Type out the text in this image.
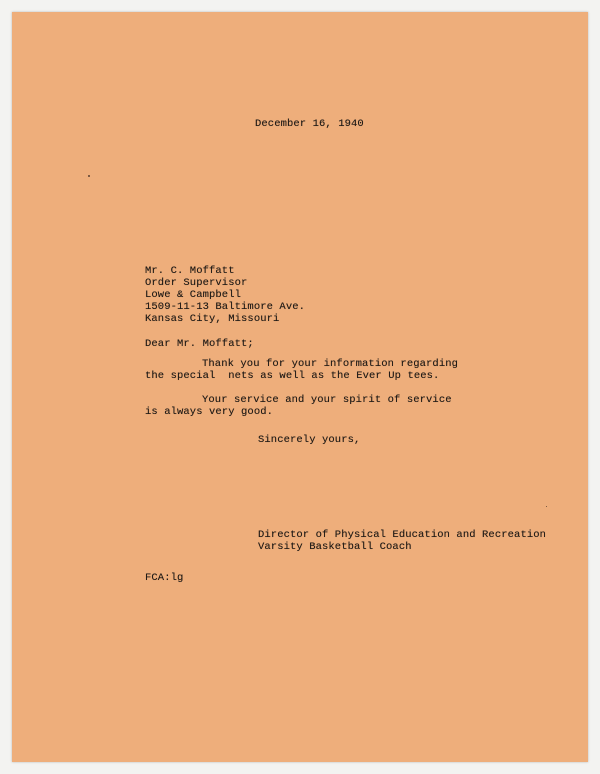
December 16, 1940
Mr. C. Moffatt
Order Supervisor
Lowe & Campbell
1509-11-13 Baltimore Ave.
Kansas City, Missouri
Dear Mr. Moffatt;
Thank you for your information regarding
the special  nets as well as the Ever Up tees.
Your service and your spirit of service
is always very good.
Sincerely yours,
Director of Physical Education and Recreation
Varsity Basketball Coach
FCA:lg
